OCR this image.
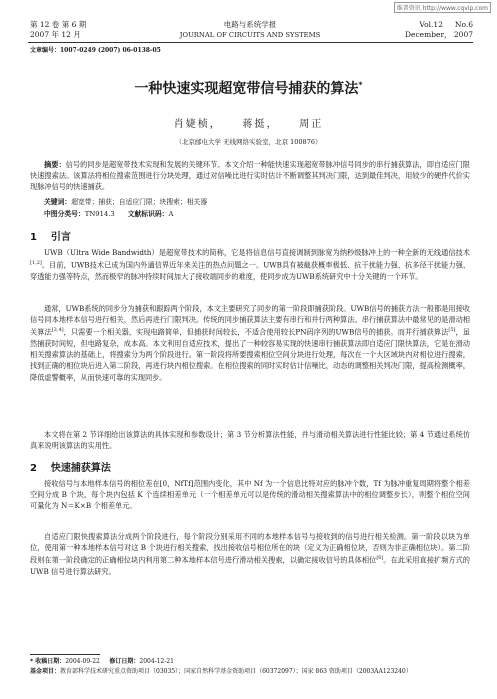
维普资讯 http://www.cqvip.com
第 12 卷 第 6 期
2007 年 12 月
电路与系统学报
JOURNAL OF CIRCUITS AND SYSTEMS
Vol.12     No.6
December， 2007
文章编号：1007-0249 (2007) 06-0138-05
一种快速实现超宽带信号捕获的算法*
肖婕桢，    蒋挺，    周正
（北京邮电大学 无线网络实验室，北京 100876）
摘要：信号的同步是超宽带技术实现和发展的关键环节。本文介绍一种能快速实现超宽带脉冲信号同步的串行捕获算法，即自适应门限快速搜索法。该算法将相位搜索范围进行分块处理，通过对信噪比进行实时估计不断调整其判决门限，达到最佳判决，用较少的硬件代价实现脉冲信号的快速捕获。
关键词：超宽带；捕获；自适应门限；块搜索；相关器
中图分类号：TN914.3 文献标识码：A
1    引言
UWB（Ultra Wide Bandwidth）是超宽带技术的简称，它是将信息信号直接调制到脉宽为纳秒级脉冲上的一种全新的无线通信技术[1,2]。目前，UWB技术已成为国内外通信界近年来关注的热点问题之一。UWB具有被截获概率极低、抗干扰能力强、抗多径干扰能力强、穿透能力强等特点，然而极窄的脉冲持续时间加大了接收端同步的难度，使同步成为UWB系统研究中十分关键的一个环节。
通常，UWB系统的同步分为捕获和跟踪两个阶段，本文主要研究了同步的第一阶段即捕获阶段。UWB信号的捕获方法一般都是用接收信号同本地样本信号进行相关，然后再进行门限判决。传统的同步捕获算法主要有串行和并行两种算法。串行捕获算法中最常见的是滑动相关算法[3,4]，只需要一个相关器，实现电路简单，但捕获时间较长，不适合使用较长PN码序列的UWB信号的捕获。而并行捕获算法[5]，虽然捕获时间短，但电路复杂，成本高。本文利用自适应技术，提出了一种较容易实现的快速串行捕获算法即自适应门限快算法，它是在滑动相关搜索算法的基础上，将搜索分为两个阶段进行。第一阶段将所要搜索相位空间分块进行处理，每次在一个大区域块内对相位进行搜索，找到正确的相位块后进入第二阶段，再进行块内相位搜索。在相位搜索的同时实时估计信噪比，动态的调整相关判决门限，提高检测概率，降低虚警概率，从而快速可靠的实现同步。
本文将在第 2 节详细给出该算法的具体实现和参数设计；第 3 节分析算法性能，并与滑动相关算法进行性能比较；第 4 节通过系统仿真来说明该算法的实用性。
2    快速捕获算法
接收信号与本地样本信号的相位差在[0，NfTf]范围内变化，其中 Nf 为一个信息比特对应的脉冲个数，Tf 为脉冲重复周期将整个相差空间分成 B 个块，每个块内包括 K 个连续相差单元（一个相差单元可以是传统的滑动相关搜索算法中的相位调整步长），则整个相位空间可量化为 N＝K×B 个相差单元。
自适应门限快搜索算法分成两个阶段进行，每个阶段分别采用不同的本地样本信号与接收到的信号进行相关检测。第一阶段以块为单位，使用第一种本地样本信号对这 B 个块进行相关搜索，找出接收信号相位所在的块（定义为正确相位块，否则为非正确相位块）。第二阶段则在第一阶段确定的正确相位块内利用第二种本地样本信号进行滑动相关搜索，以确定接收信号的具体相位[6]。在此采用直接扩频方式的 UWB 信号进行算法研究。
* 收稿日期：2004-09-22 修订日期：2004-12-21
基金项目：教育部科学技术研究重点资助项目（03035）；国家自然科学基金资助项目（60372097）；国家 863 资助项目（2003AA123240）
